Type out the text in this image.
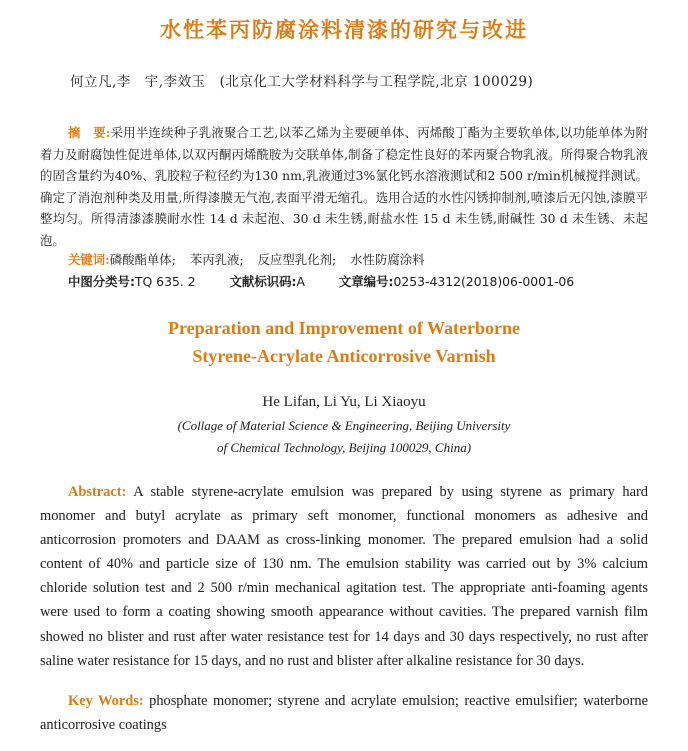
水性苯丙防腐涂料清漆的研究与改进
何立凡,李　宇,李效玉　(北京化工大学材料科学与工程学院,北京 100029)
摘　要:采用半连续种子乳液聚合工艺,以苯乙烯为主要硬单体、丙烯酸丁酯为主要软单体,以功能单体为附着力及耐腐蚀性促进单体,以双丙酮丙烯酰胺为交联单体,制备了稳定性良好的苯丙聚合物乳液。所得聚合物乳液的固含量约为40%、乳胶粒子粒径约为130 nm,乳液通过3%氯化钙水溶液测试和2 500 r/min机械搅拌测试。确定了消泡剂种类及用量,所得漆膜无气泡,表面平滑无缩孔。选用合适的水性闪锈抑制剂,喷漆后无闪蚀,漆膜平整均匀。所得清漆漆膜耐水性 14 d 未起泡、30 d 未生锈,耐盐水性 15 d 未生锈,耐碱性 30 d 未生锈、未起泡。
关键词:磷酸酯单体; 苯丙乳液; 反应型乳化剂; 水性防腐涂料
中图分类号:TQ 635. 2	文献标识码:A	文章编号:0253-4312(2018)06-0001-06
Preparation and Improvement of Waterborne
Styrene-Acrylate Anticorrosive Varnish
He Lifan, Li Yu, Li Xiaoyu
(Collage of Material Science & Engineering, Beijing University
of Chemical Technology, Beijing 100029, China)
Abstract: A stable styrene-acrylate emulsion was prepared by using styrene as primary hard monomer and butyl acrylate as primary seft monomer, functional monomers as adhesive and anticorrosion promoters and DAAM as cross-linking monomer. The prepared emulsion had a solid content of 40% and particle size of 130 nm. The emulsion stability was carried out by 3% calcium chloride solution test and 2 500 r/min mechanical agitation test. The appropriate anti-foaming agents were used to form a coating showing smooth appearance without cavities. The prepared varnish film showed no blister and rust after water resistance test for 14 days and 30 days respectively, no rust after saline water resistance for 15 days, and no rust and blister after alkaline resistance for 30 days.
Key Words: phosphate monomer; styrene and acrylate emulsion; reactive emulsifier; waterborne anticorrosive coatings
